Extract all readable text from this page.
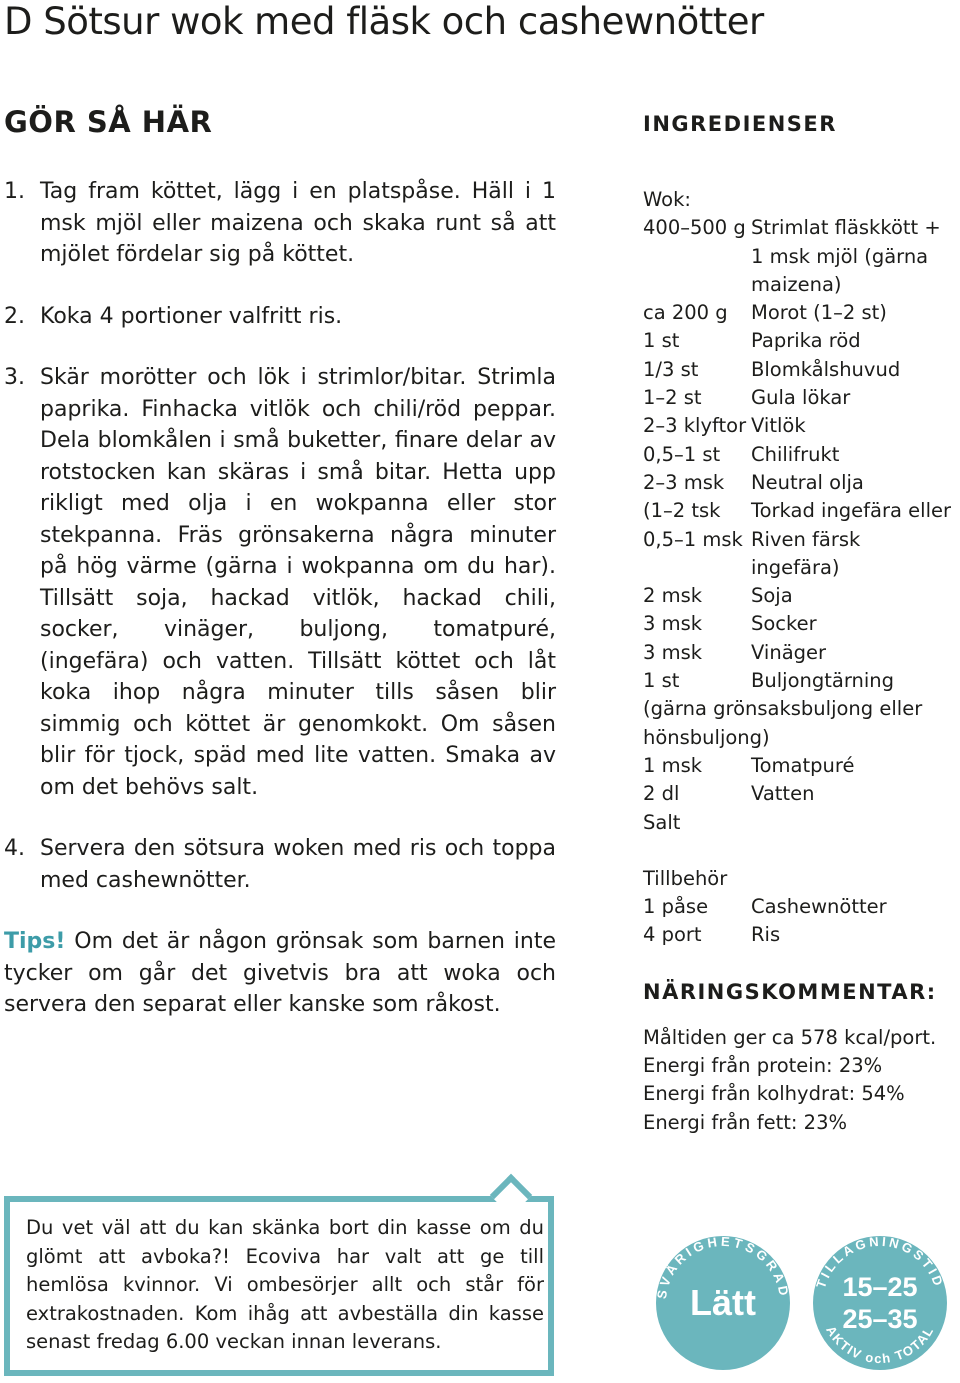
D Sötsur wok med fläsk och cashewnötter
GÖR SÅ HÄR
1. Tag fram köttet, lägg i en platspåse. Häll i 1 msk mjöl eller maizena och skaka runt så att mjölet fördelar sig på köttet.
2. Koka 4 portioner valfritt ris.
3. Skär morötter och lök i strimlor/bitar. Strimla paprika. Finhacka vitlök och chili/röd peppar. Dela blomkålen i små buketter, finare delar av rotstocken kan skäras i små bitar. Hetta upp rikligt med olja i en wokpanna eller stor stekpanna. Fräs grönsakerna några minuter på hög värme (gärna i wokpanna om du har). Tillsätt soja, hackad vitlök, hackad chili, socker, vinäger, buljong, tomatpuré, (ingefära) och vatten. Tillsätt köttet och låt koka ihop några minuter tills såsen blir simmig och köttet är genomkokt. Om såsen blir för tjock, späd med lite vatten. Smaka av om det behövs salt.
4. Servera den sötsura woken med ris och toppa med cashewnötter.

Tips! Om det är någon grönsak som barnen inte tycker om går det givetvis bra att woka och servera den separat eller kanske som råkost.

INGREDIENSER
Wok:
400–500 g Strimlat fläskkött + 1 msk mjöl (gärna maizena)
ca 200 g	Morot (1–2 st)
1 st	Paprika röd
1/3 st	Blomkålshuvud
1–2 st	Gula lökar
2–3 klyftor Vitlök
0,5–1 st	Chilifrukt
2–3 msk	Neutral olja
(1–2 tsk	Torkad ingefära eller
0,5–1 msk Riven färsk ingefära)
2 msk	Soja
3 msk	Socker
3 msk	Vinäger
1 st	Buljongtärning
(gärna grönsaksbuljong eller
hönsbuljong)
1 msk	Tomatpuré
2 dl	Vatten
Salt
Tillbehör
1 påse	Cashewnötter
4 port	Ris
NÄRINGSKOMMENTAR:
Måltiden ger ca 578 kcal/port.
Energi från protein: 23%
Energi från kolhydrat: 54%
Energi från fett: 23%
Du vet väl att du kan skänka bort din kasse om du glömt att avboka?! Ecoviva har valt att ge till hemlösa kvinnor. Vi ombesörjer allt och står för extrakostnaden. Kom ihåg att avbeställa din kasse senast fredag 6.00 veckan innan leverans.
SVÅRIGHETSGRAD
Lätt	TILLAGNINGSTID
AKTIV och TOTAL
15–25
25–35
